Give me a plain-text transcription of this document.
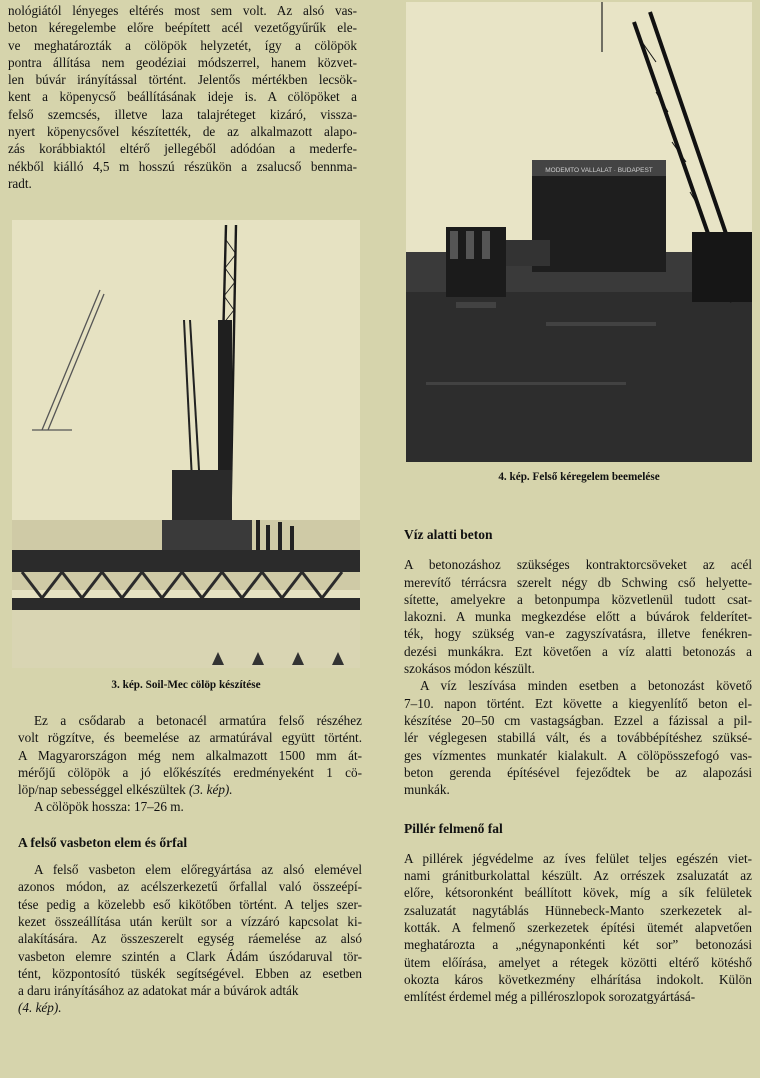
nológiától lényeges eltérés most sem volt. Az alsó vas-
beton kéregelembe előre beépített acél vezetőgyűrűk ele-
ve meghatározták a cölöpök helyzetét, így a cölöpök
pontra állítása nem geodéziai módszerrel, hanem közvet-
len búvár irányítással történt. Jelentős mértékben lecsök-
kent a köpenycső beállításának ideje is. A cölöpöket a
felső szemcsés, illetve laza talajréteget kizáró, vissza-
nyert köpenycsővel készítették, de az alkalmazott alapo-
zás korábbiaktól eltérő jellegéből adódóan a mederfe-
nékből kiálló 4,5 m hosszú részükön a zsalucső bennma-
radt.
3. kép. Soil-Mec cölöp készítése
Ez a csődarab a betonacél armatúra felső részéhez
volt rögzítve, és beemelése az armatúrával együtt történt.
A Magyarországon még nem alkalmazott 1500 mm át-
mérőjű cölöpök a jó előkészítés eredményeként 1 cö-
löp/nap sebességgel elkészültek (3. kép).

A cölöpök hossza: 17–26 m.

A felső vasbeton elem és őrfal
A felső vasbeton elem előregyártása az alsó elemével
azonos módon, az acélszerkezetű őrfallal való összeépí-
tése pedig a közelebb eső kikötőben történt. A teljes szer-
kezet összeállítása után került sor a vízzáró kapcsolat ki-
alakítására. Az összeszerelt egység ráemelése az alsó
vasbeton elemre szintén a Clark Ádám úszódaruval tör-
tént, központosító tüskék segítségével. Ebben az esetben
a daru irányításához az adatokat már a búvárok adták
(4. kép).
MODEMTO VALLALAT · BUDAPEST
4. kép. Felső kéregelem beemelése
Víz alatti beton
A betonozáshoz szükséges kontraktorcsöveket az acél
merevítő térrácsra szerelt négy db Schwing cső helyette-
sítette, amelyekre a betonpumpa közvetlenül tudott csat-
lakozni. A munka megkezdése előtt a búvárok felderítet-
ték, hogy szükség van-e zagyszívatásra, illetve fenékren-
dezési munkákra. Ezt követően a víz alatti betonozás a
szokásos módon készült.
A víz leszívása minden esetben a betonozást követő
7–10. napon történt. Ezt követte a kiegyenlítő beton el-
készítése 20–50 cm vastagságban. Ezzel a fázissal a pil-
lér véglegesen stabillá vált, és a továbbépítéshez szüksé-
ges vízmentes munkatér kialakult. A cölöpösszefogó vas-
beton gerenda építésével fejeződtek be az alapozási
munkák.
Pillér felmenő fal
A pillérek jégvédelme az íves felület teljes egészén viet-
nami gránitburkolattal készült. Az orrészek zsaluzatát az
előre, kétsoronként beállított kövek, míg a sík felületek
zsaluzatát nagytáblás Hünnebeck-Manto szerkezetek al-
kották. A felmenő szerkezetek építési ütemét alapvetően
meghatározta a „négynaponkénti két sor” betonozási
ütem előírása, amelyet a rétegek közötti eltérő kötéshő
okozta káros következmény elhárítása indokolt. Külön
említést érdemel még a pilléroszlopok sorozatgyártásá-
